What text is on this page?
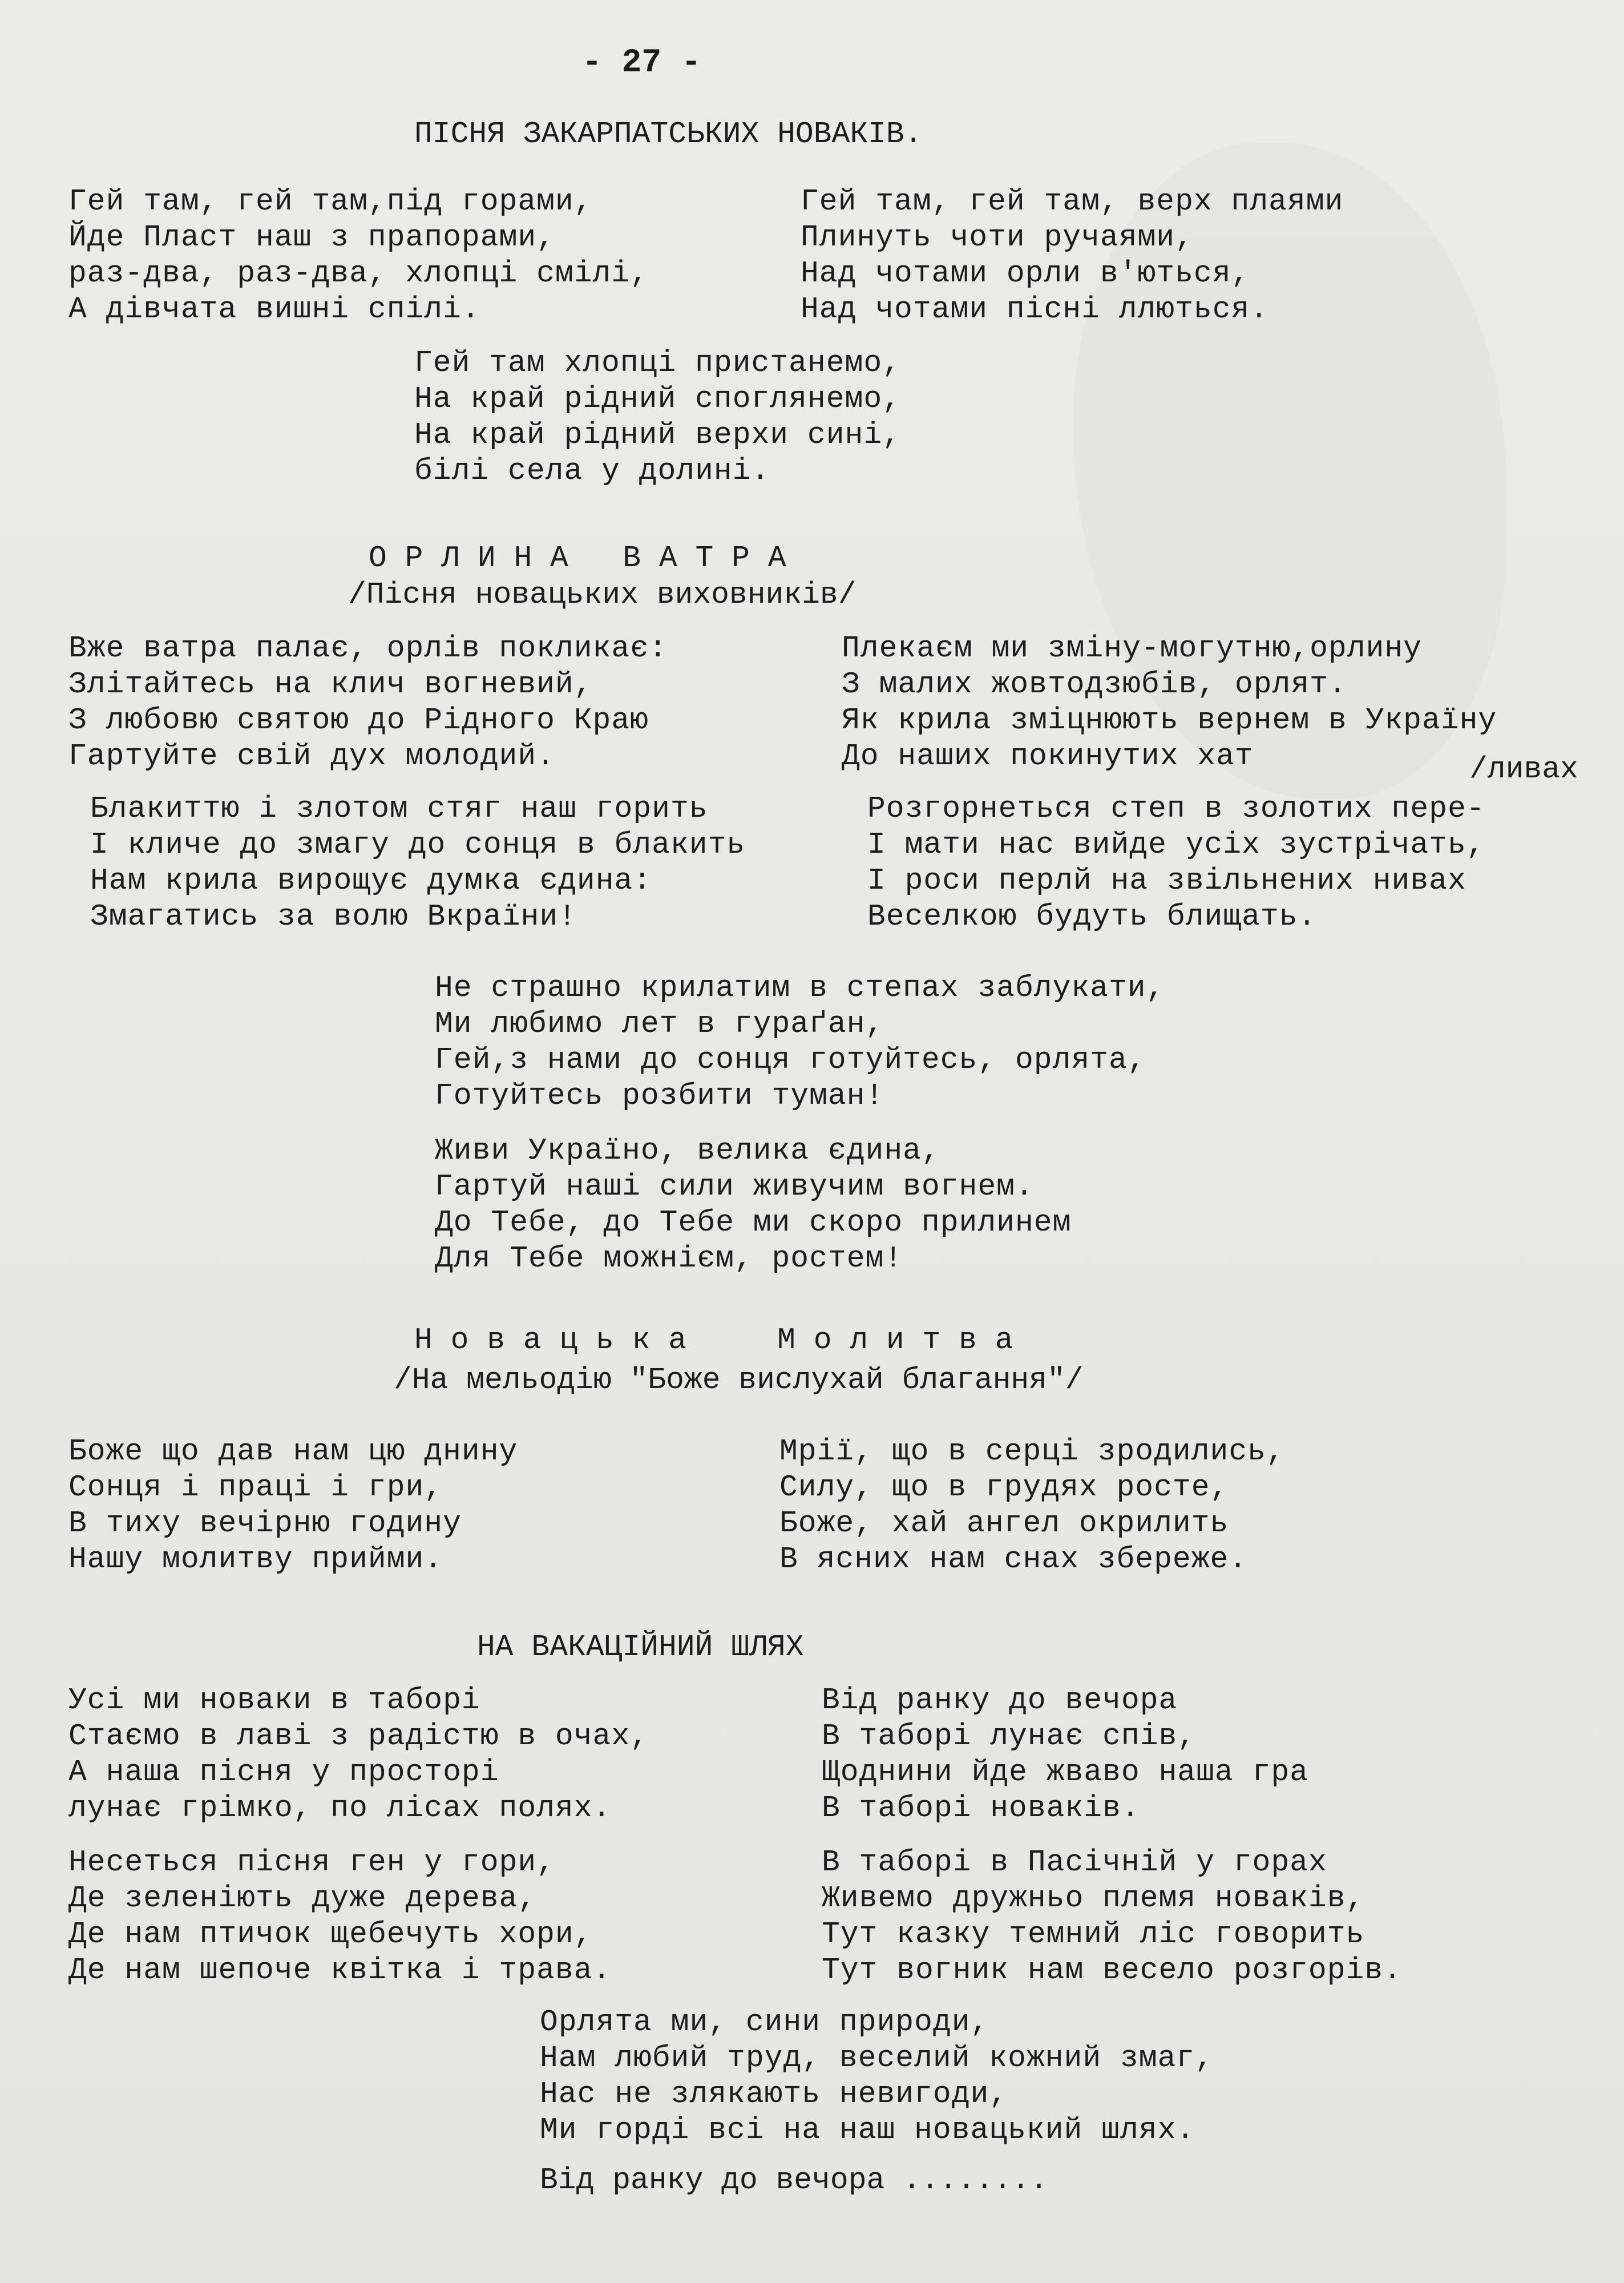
- 27 -
ПІСНЯ ЗАКАРПАТСЬКИХ НОВАКІВ.
Гей там, гей там,під горами,
Йде Пласт наш з прапорами,
раз-два, раз-два, хлопці смілі,
А дівчата вишні спілі.
Гей там, гей там, верх плаями
Плинуть чоти ручаями,
Над чотами орли в'ються,
Над чотами пісні ллються.
Гей там хлопці пристанемо,
На край рідний споглянемо,
На край рідний верхи сині,
білі села у долині.
О Р Л И Н А   В А Т Р А
/Пісня новацьких виховників/
Вже ватра палає, орлів покликає:
Злітайтесь на клич вогневий,
З любовю святою до Рідного Краю
Гартуйте свій дух молодий.
Плекаєм ми зміну-могутню,орлину
З малих жовтодзюбів, орлят.
Як крила зміцнюють вернем в Україну
До наших покинутих хат	/ливах
Блакиттю і злотом стяг наш горить
І кличе до змагу до сонця в блакить
Нам крила вирощує думка єдина:
Змагатись за волю Вкраїни!
Розгорнеться степ в золотих пере-
І мати нас вийде усіх зустрічать,
І роси перлй на звільнених нивах
Веселкою будуть блищать.
Не страшно крилатим в степах заблукати,
Ми любимо лет в гураґан,
Гей,з нами до сонця готуйтесь, орлята,
Готуйтесь розбити туман!
Живи Україно, велика єдина,
Гартуй наші сили живучим вогнем.
До Тебе, до Тебе ми скоро прилинем
Для Тебе можнієм, ростем!
Н о в а ц ь к а     М о л и т в а
/На мельодію "Боже вислухай благання"/
Боже що дав нам цю днину
Сонця і праці і гри,
В тиху вечірню годину
Нашу молитву прийми.
Мрії, що в серці зродились,
Силу, що в грудях росте,
Боже, хай ангел окрилить
В ясних нам снах збереже.
НА ВАКАЦІЙНИЙ ШЛЯХ
Усі ми новаки в таборі
Стаємо в лаві з радістю в очах,
А наша пісня у просторі
лунає грімко, по лісах полях.
Від ранку до вечора
В таборі лунає спів,
Щоднини йде жваво наша гра
В таборі новаків.
Несеться пісня ген у гори,
Де зеленіють дуже дерева,
Де нам птичок щебечуть хори,
Де нам шепоче квітка і трава.
В таборі в Пасічній у горах
Живемо дружньо племя новаків,
Тут казку темний ліс говорить
Тут вогник нам весело розгорів.
Орлята ми, сини природи,
Нам любий труд, веселий кожний змаг,
Нас не злякають невигоди,
Ми горді всі на наш новацький шлях.
Від ранку до вечора ........
